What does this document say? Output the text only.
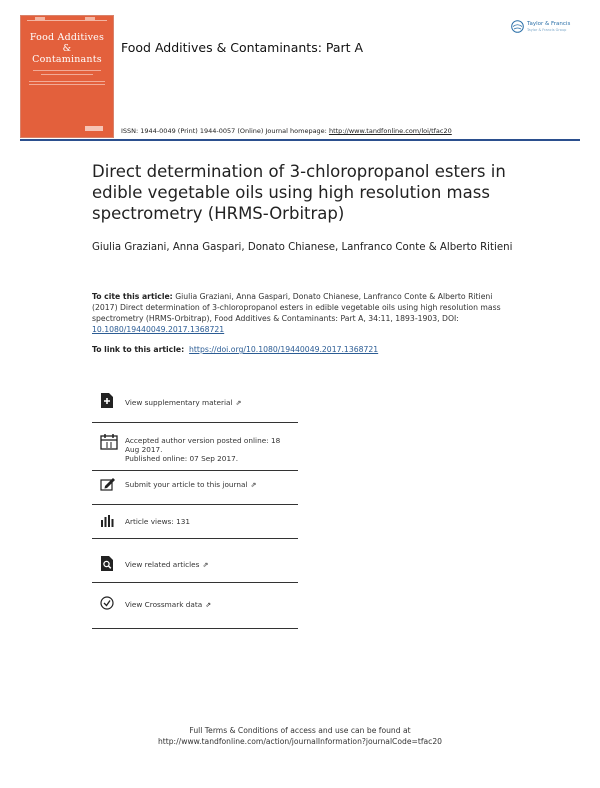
Food Additives
&
Contaminants
Food Additives & Contaminants: Part A
Taylor & Francis
Taylor & Francis Group
ISSN: 1944-0049 (Print) 1944-0057 (Online) Journal homepage: http://www.tandfonline.com/loi/tfac20
Direct determination of 3-chloropropanol esters in edible vegetable oils using high resolution mass spectrometry (HRMS-Orbitrap)
Giulia Graziani, Anna Gaspari, Donato Chianese, Lanfranco Conte & Alberto Ritieni
To cite this article: Giulia Graziani, Anna Gaspari, Donato Chianese, Lanfranco Conte & Alberto Ritieni (2017) Direct determination of 3-chloropropanol esters in edible vegetable oils using high resolution mass spectrometry (HRMS-Orbitrap), Food Additives & Contaminants: Part A, 34:11, 1893-1903, DOI: 10.1080/19440049.2017.1368721
To link to this article: https://doi.org/10.1080/19440049.2017.1368721
View supplementary material ⇗
Accepted author version posted online: 18 Aug 2017.
Published online: 07 Sep 2017.
Submit your article to this journal ⇗
Article views: 131
View related articles ⇗
View Crossmark data ⇗
Full Terms & Conditions of access and use can be found at
http://www.tandfonline.com/action/journalInformation?journalCode=tfac20
